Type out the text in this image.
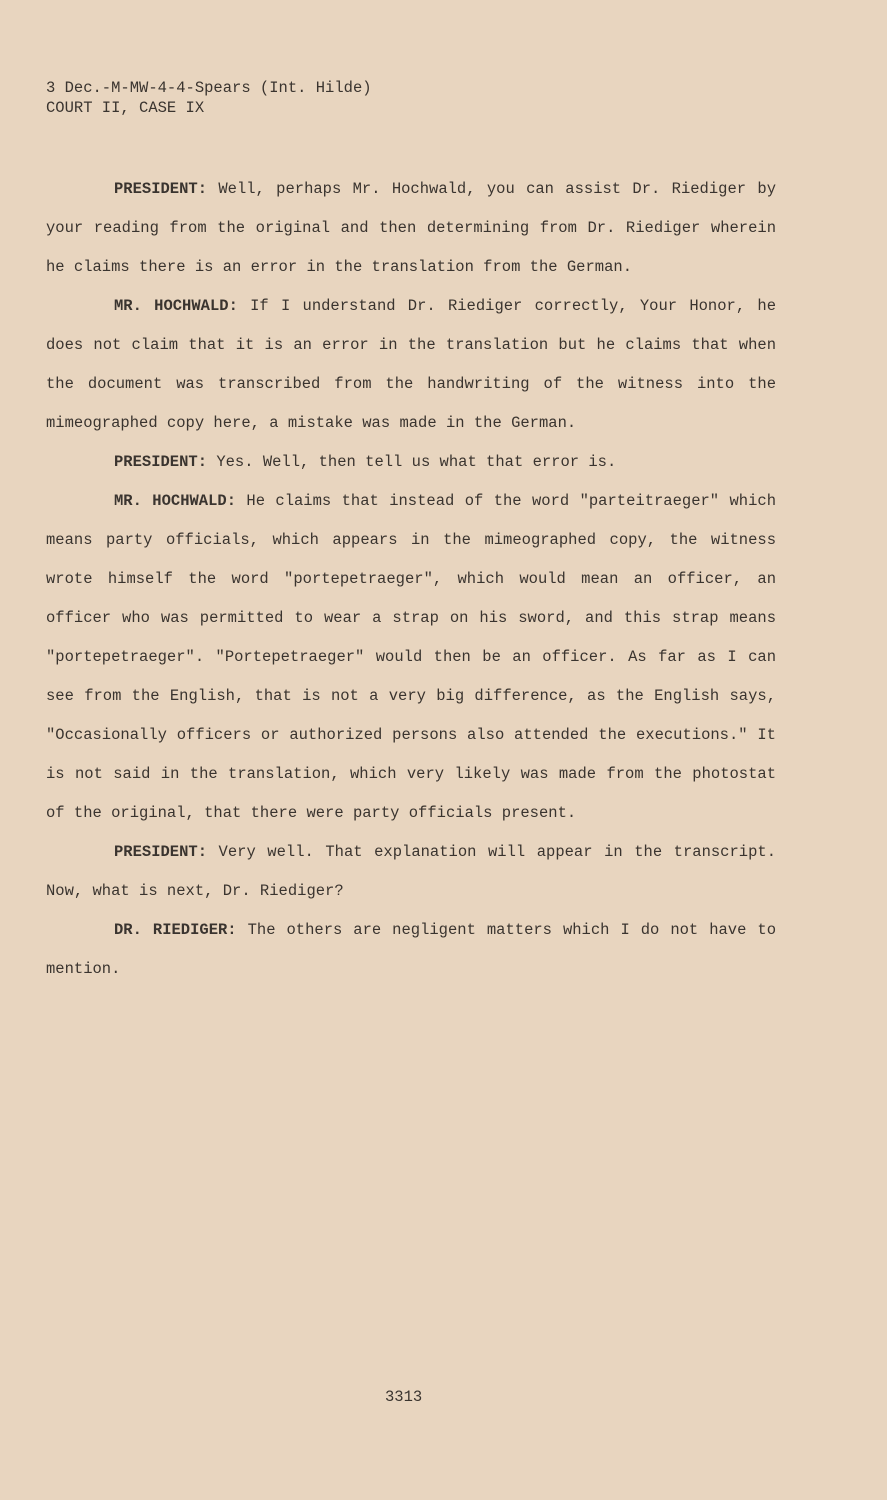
3 Dec.-M-MW-4-4-Spears (Int. Hilde)
COURT II, CASE IX

PRESIDENT: Well, perhaps Mr. Hochwald, you can assist Dr. Riediger by your reading from the original and then determining from Dr. Riediger wherein he claims there is an error in the translation from the German.

MR. HOCHWALD: If I understand Dr. Riediger correctly, Your Honor, he does not claim that it is an error in the translation but he claims that when the document was transcribed from the handwriting of the witness into the mimeographed copy here, a mistake was made in the German.

PRESIDENT: Yes. Well, then tell us what that error is.

MR. HOCHWALD: He claims that instead of the word "parteitraeger" which means party officials, which appears in the mimeographed copy, the witness wrote himself the word "portepetraeger", which would mean an officer, an officer who was permitted to wear a strap on his sword, and this strap means "portepetraeger". "Portepetraeger" would then be an officer. As far as I can see from the English, that is not a very big difference, as the English says, "Occasionally officers or authorized persons also attended the executions." It is not said in the translation, which very likely was made from the photostat of the original, that there were party officials present.

PRESIDENT: Very well. That explanation will appear in the transcript. Now, what is next, Dr. Riediger?

DR. RIEDIGER: The others are negligent matters which I do not have to mention.

3313
